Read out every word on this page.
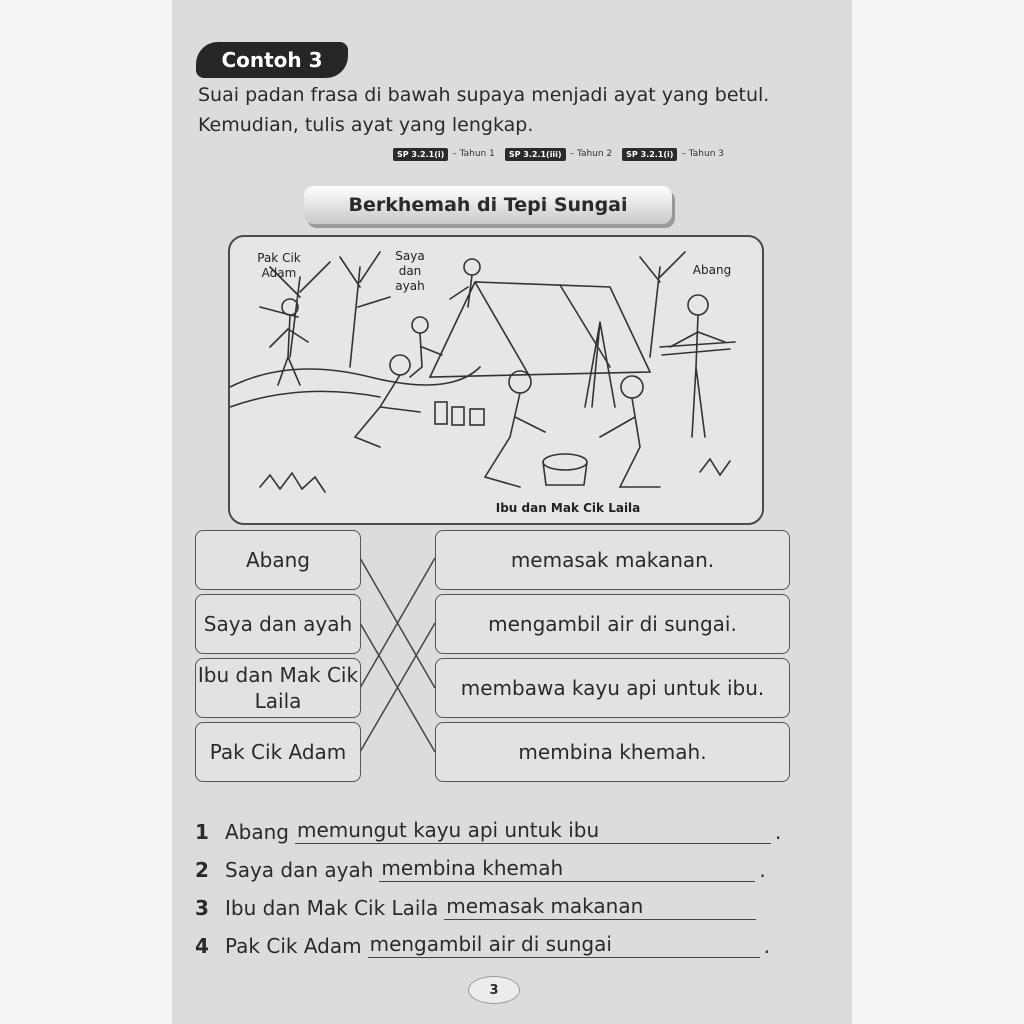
Contoh 3
Suai padan frasa di bawah supaya menjadi ayat yang betul. Kemudian, tulis ayat yang lengkap.
SP 3.2.1(i) – Tahun 1	SP 3.2.1(iii) – Tahun 2	SP 3.2.1(i) – Tahun 3
Berkhemah di Tepi Sungai
Pak Cik Adam
Saya dan ayah
Abang
Ibu dan Mak Cik Laila
Abang
Saya dan ayah
Ibu dan Mak Cik Laila
Pak Cik Adam
memasak makanan.
mengambil air di sungai.
membawa kayu api untuk ibu.
membina khemah.
1 Abang memungut kayu api untuk ibu	.
2 Saya dan ayah membina khemah	.
3 Ibu dan Mak Cik Laila memasak makanan
4 Pak Cik Adam mengambil air di sungai	.
3
